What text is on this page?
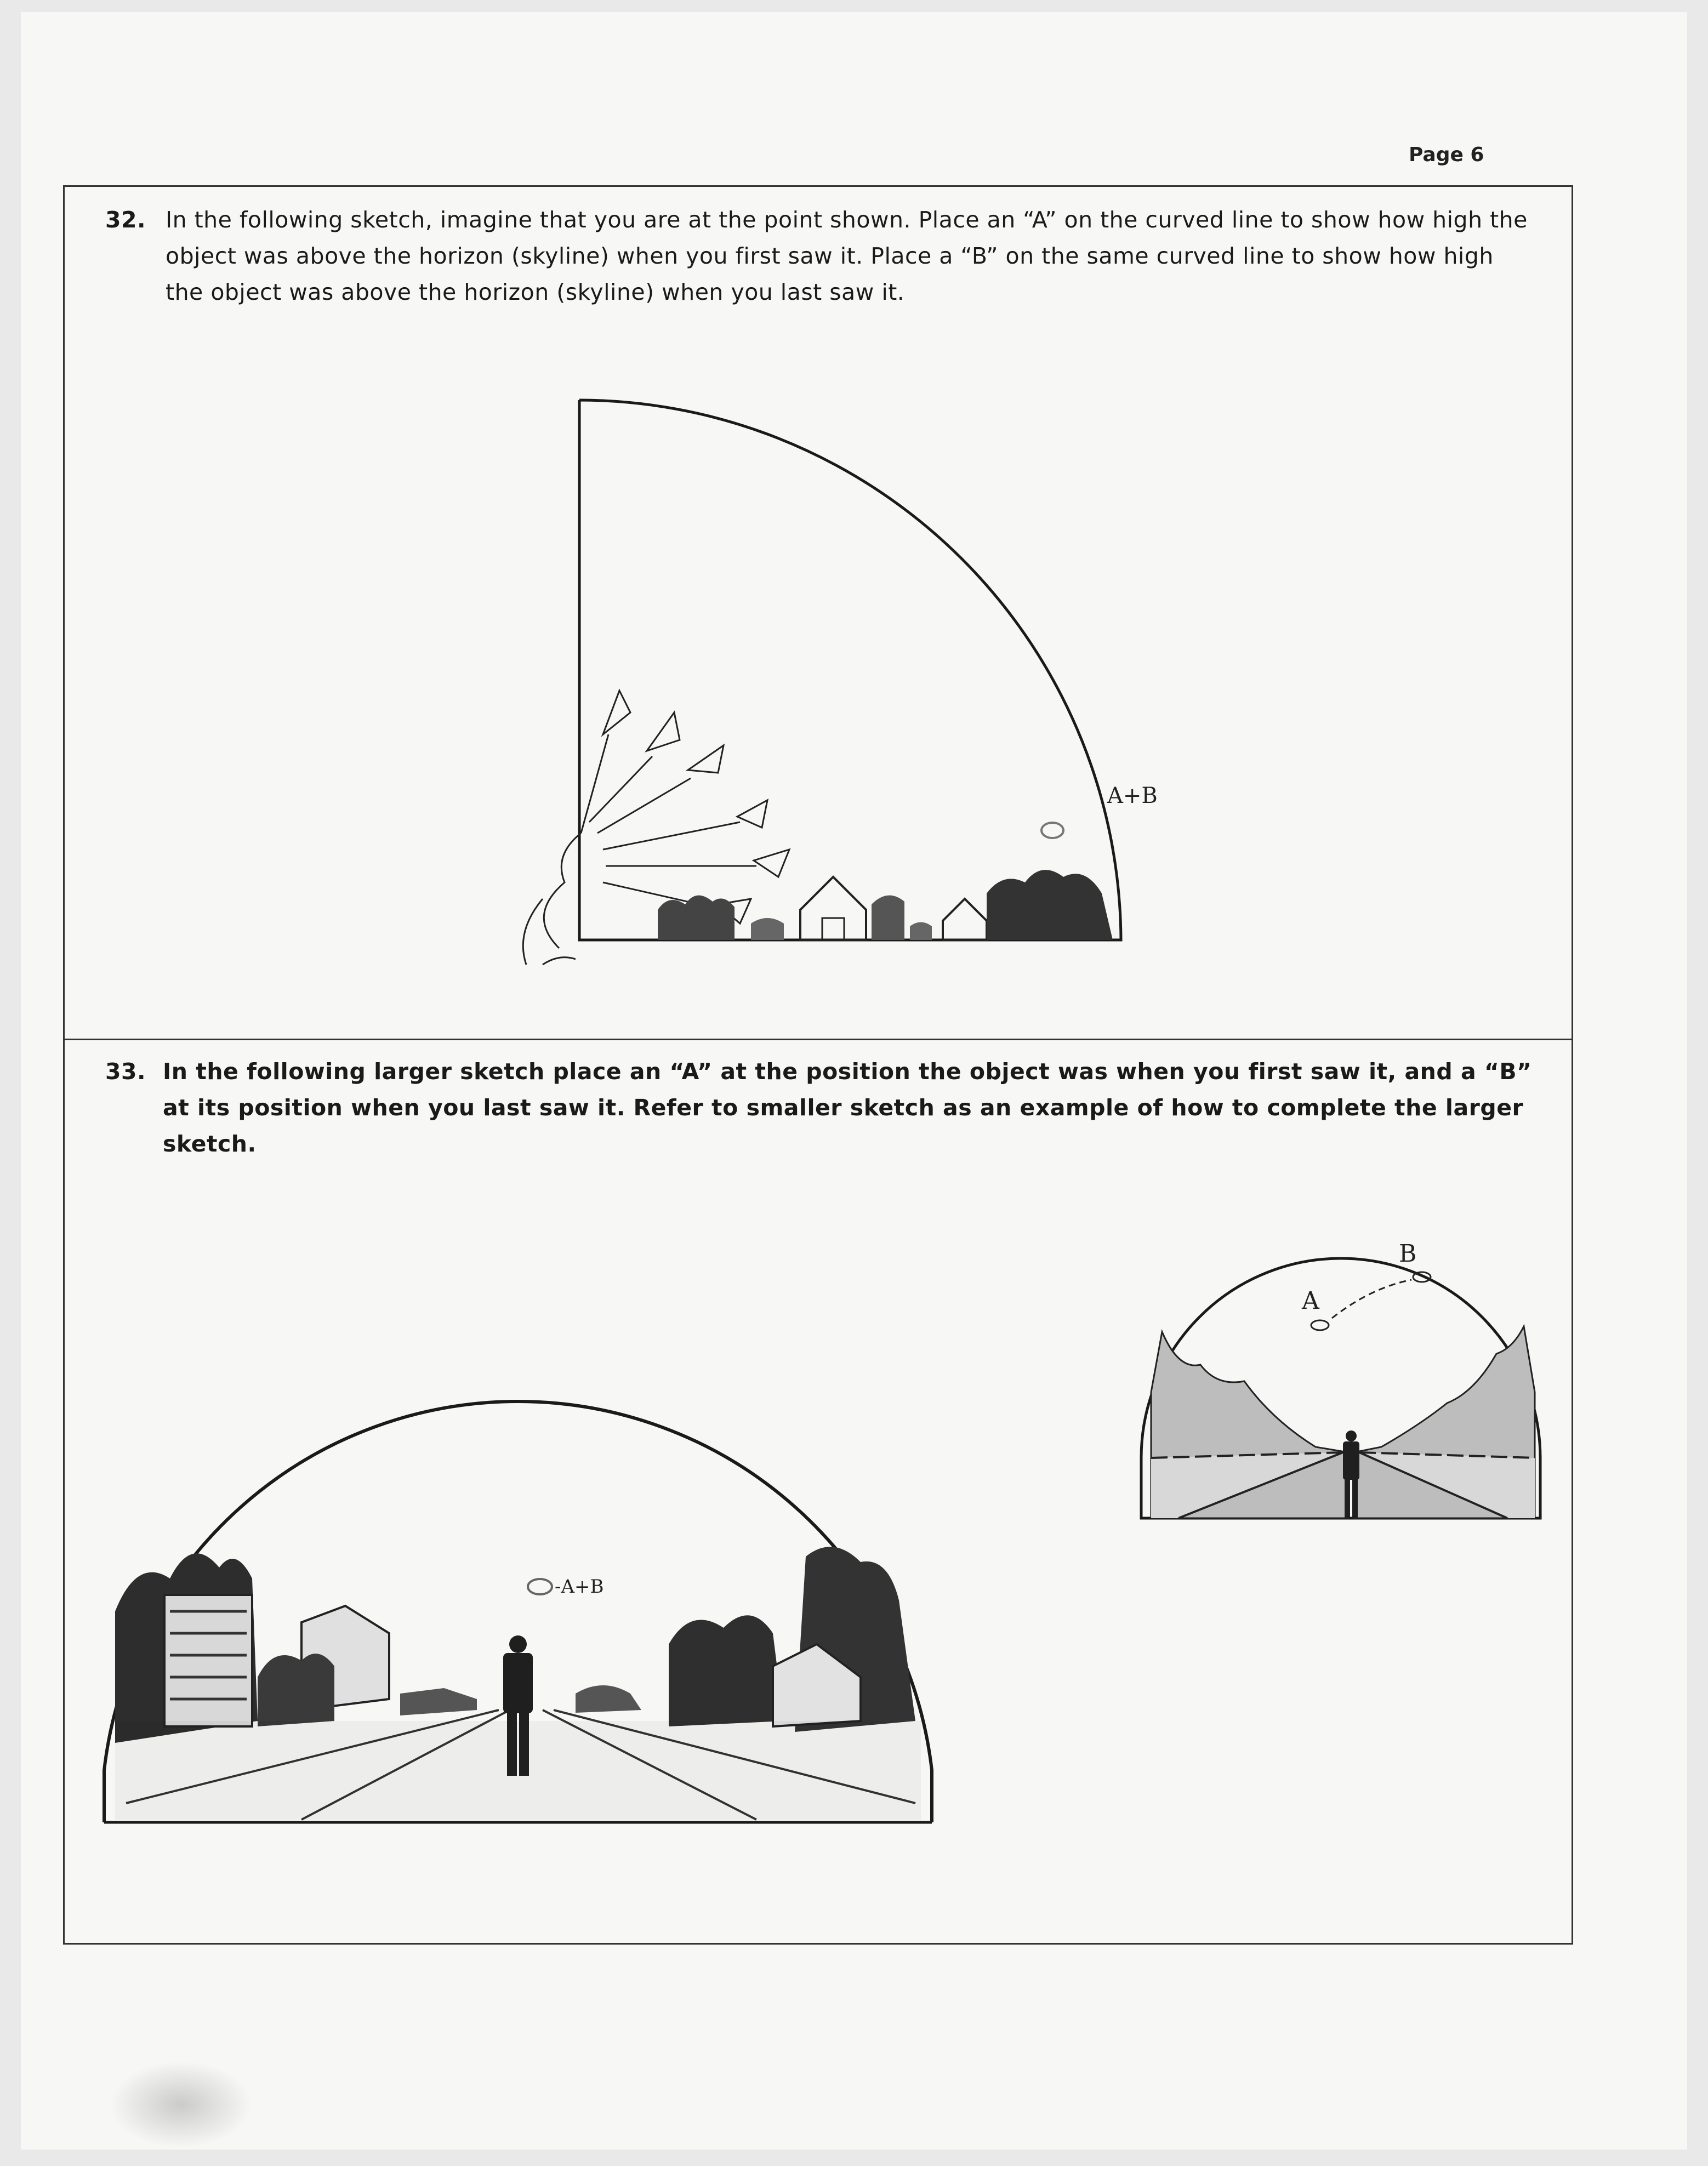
Page 6
32. In the following sketch, imagine that you are at the point shown. Place an “A” on the curved line to show how high the object was above the horizon (skyline) when you first saw it. Place a “B” on the same curved line to show how high the object was above the horizon (skyline) when you last saw it.
A+B
33. In the following larger sketch place an “A” at the position the object was when you first saw it, and a “B” at its position when you last saw it. Refer to smaller sketch as an example of how to complete the larger sketch.
-A+B
A
B
